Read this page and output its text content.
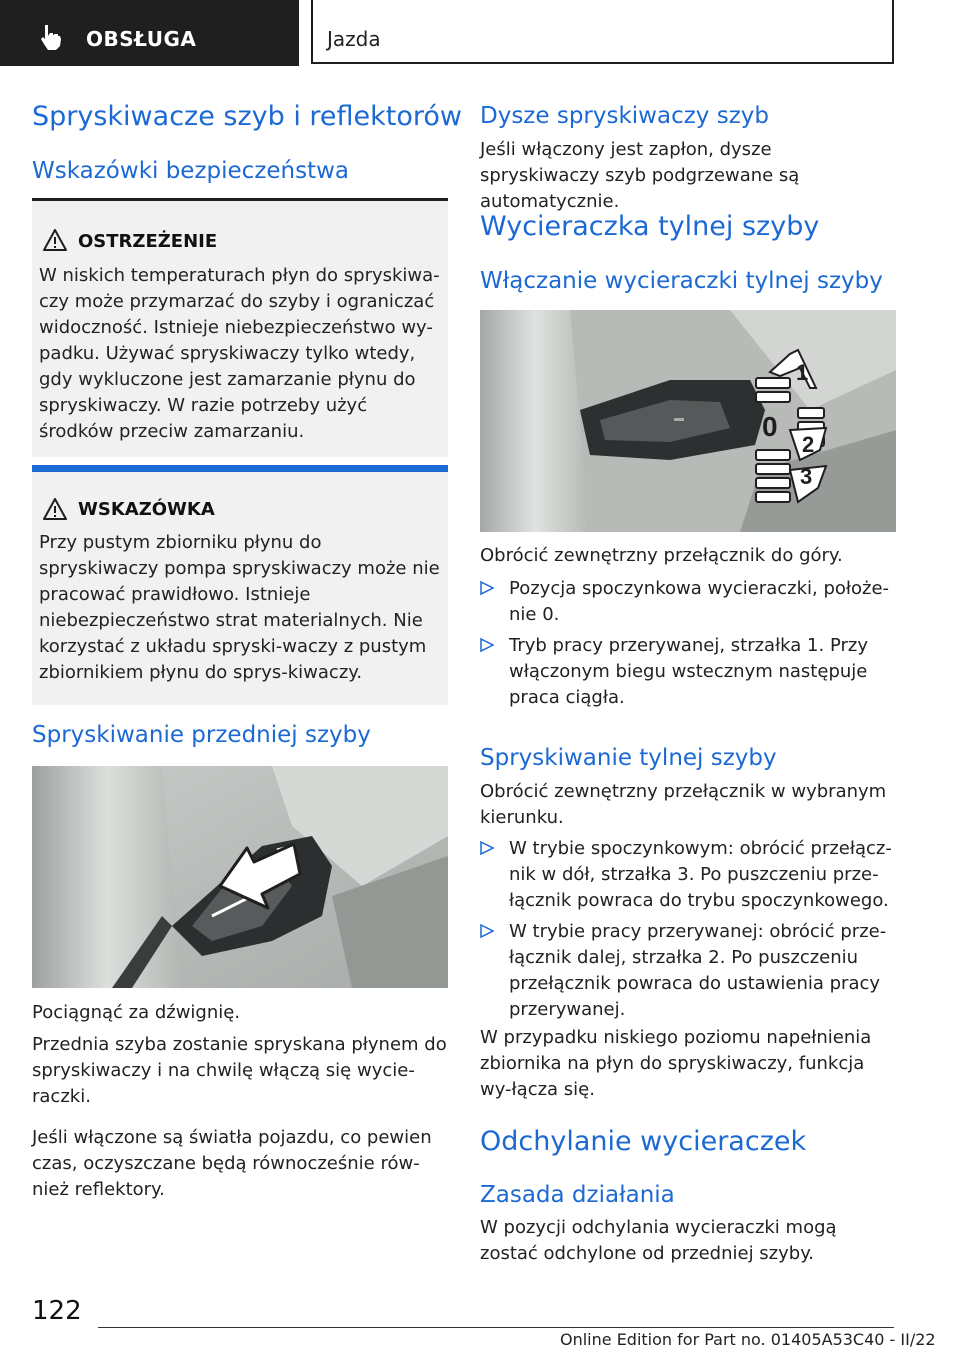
OBSŁUGA	Jazda
Spryskiwacze szyb i reflektorów
Wskazówki bezpieczeństwa
OSTRZEŻENIE

W niskich temperaturach płyn do spryskiwa-czy może przymarzać do szyby i ograniczać widoczność. Istnieje niebezpieczeństwo wy-padku. Używać spryskiwaczy tylko wtedy, gdy wykluczone jest zamarzanie płynu do spryskiwaczy. W razie potrzeby użyć środków przeciw zamarzaniu.

WSKAZÓWKA

Przy pustym zbiorniku płynu do spryskiwaczy pompa spryskiwaczy może nie pracować prawidłowo. Istnieje niebezpieczeństwo strat materialnych. Nie korzystać z układu spryski-waczy z pustym zbiornikiem płynu do sprys-kiwaczy.

Spryskiwanie przedniej szyby

Pociągnąć za dźwignię.

Przednia szyba zostanie spryskana płynem do spryskiwaczy i na chwilę włączą się wycie-raczki.

Jeśli włączone są światła pojazdu, co pewien czas, oczyszczane będą równocześnie rów-nież reflektory.

Dysze spryskiwaczy szyb

Jeśli włączony jest zapłon, dysze spryskiwaczy szyb podgrzewane są automatycznie.

Wycieraczka tylnej szyby
Włączanie wycieraczki tylnej szyby
1
0
2
3

Obrócić zewnętrzny przełącznik do góry.

Pozycja spoczynkowa wycieraczki, położe-nie 0.

Tryb pracy przerywanej, strzałka 1. Przy włączonym biegu wstecznym następuje praca ciągła.

Spryskiwanie tylnej szyby

Obrócić zewnętrzny przełącznik w wybranym kierunku.

W trybie spoczynkowym: obrócić przełącz-nik w dół, strzałka 3. Po puszczeniu prze-łącznik powraca do trybu spoczynkowego.

W trybie pracy przerywanej: obrócić prze-łącznik dalej, strzałka 2. Po puszczeniu przełącznik powraca do ustawienia pracy przerywanej.

W przypadku niskiego poziomu napełnienia zbiornika na płyn do spryskiwaczy, funkcja wy-łącza się.

Odchylanie wycieraczek
Zasada działania

W pozycji odchylania wycieraczki mogą zostać odchylone od przedniej szyby.

122
Online Edition for Part no. 01405A53C40 - II/22
